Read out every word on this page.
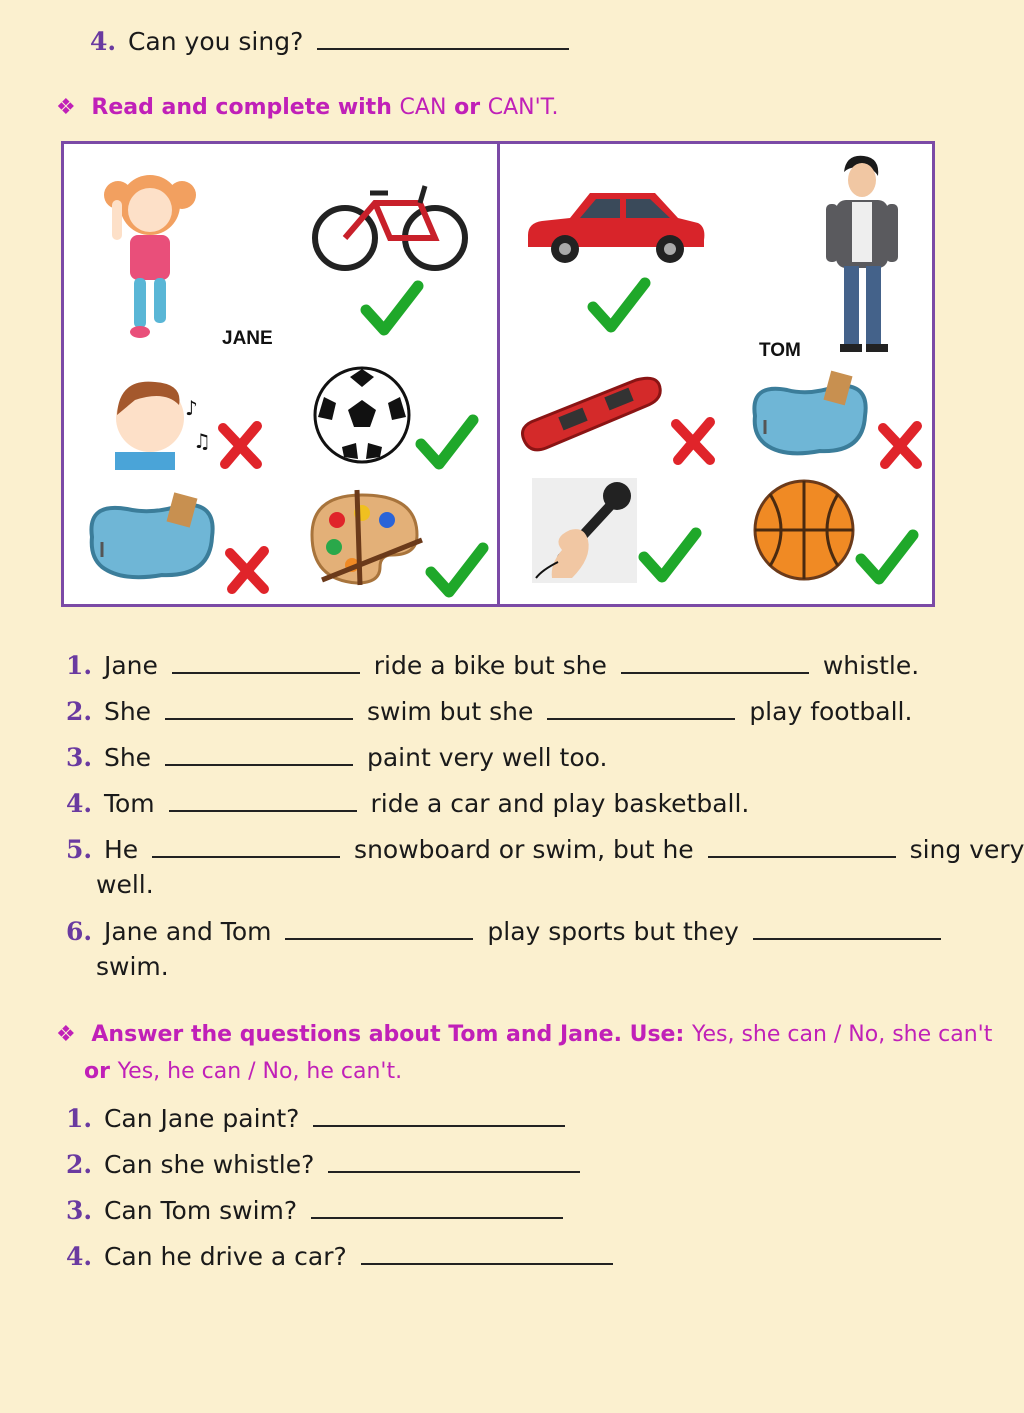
4. Can you sing?
❖ Read and complete with CAN or CAN'T.
JANE
♪
♫
TOM
1. Jane	ride a bike but she	whistle.
2. She	swim but she	play football.
3. She	paint very well too.
4. Tom	ride a car and play basketball.
5. He	snowboard or swim, but he	sing very
well.
6. Jane and Tom	play sports but they
swim.
❖ Answer the questions about Tom and Jane. Use: Yes, she can / No, she can't
or Yes, he can / No, he can't.
1. Can Jane paint?
2. Can she whistle?
3. Can Tom swim?
4. Can he drive a car?
